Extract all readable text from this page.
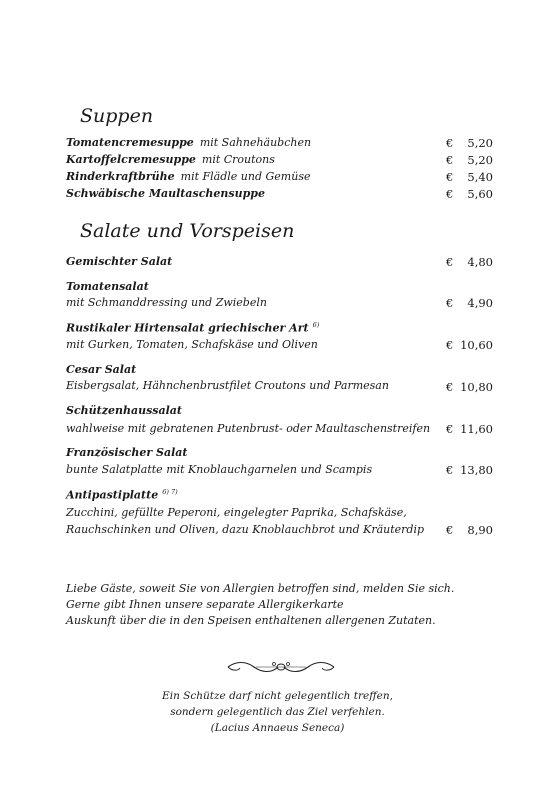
Suppen
Tomatencremesuppe mit Sahnehäubchen	€ 5,20
Kartoffelcremesuppe mit Croutons	€ 5,20
Rinderkraftbrühe mit Flädle und Gemüse	€ 5,40
Schwäbische Maultaschensuppe	€ 5,60
Salate und Vorspeisen
Gemischter Salat	€ 4,80
Tomatensalat
mit Schmanddressing und Zwiebeln	€ 4,90
Rustikaler Hirtensalat griechischer Art $^{6)}$
mit Gurken, Tomaten, Schafskäse und Oliven	€ 10,60
Cesar Salat
Eisbergsalat, Hähnchenbrustfilet Croutons und Parmesan	€ 10,80
Schützenhaussalat
wahlweise mit gebratenen Putenbrust- oder Maultaschenstreifen	€ 11,60
Französischer Salat
bunte Salatplatte mit Knoblauchgarnelen und Scampis	€ 13,80
Antipastiplatte $^{6) 7)}$
Zucchini, gefüllte Peperoni, eingelegter Paprika, Schafskäse,
Rauchschinken und Oliven, dazu Knoblauchbrot und Kräuterdip	€ 8,90
Liebe Gäste, soweit Sie von Allergien betroffen sind, melden Sie sich.
Gerne gibt Ihnen unsere separate Allergikerkarte
Auskunft über die in den Speisen enthaltenen allergenen Zutaten.
Ein Schütze darf nicht gelegentlich treffen,
sondern gelegentlich das Ziel verfehlen.
(Lacius Annaeus Seneca)
